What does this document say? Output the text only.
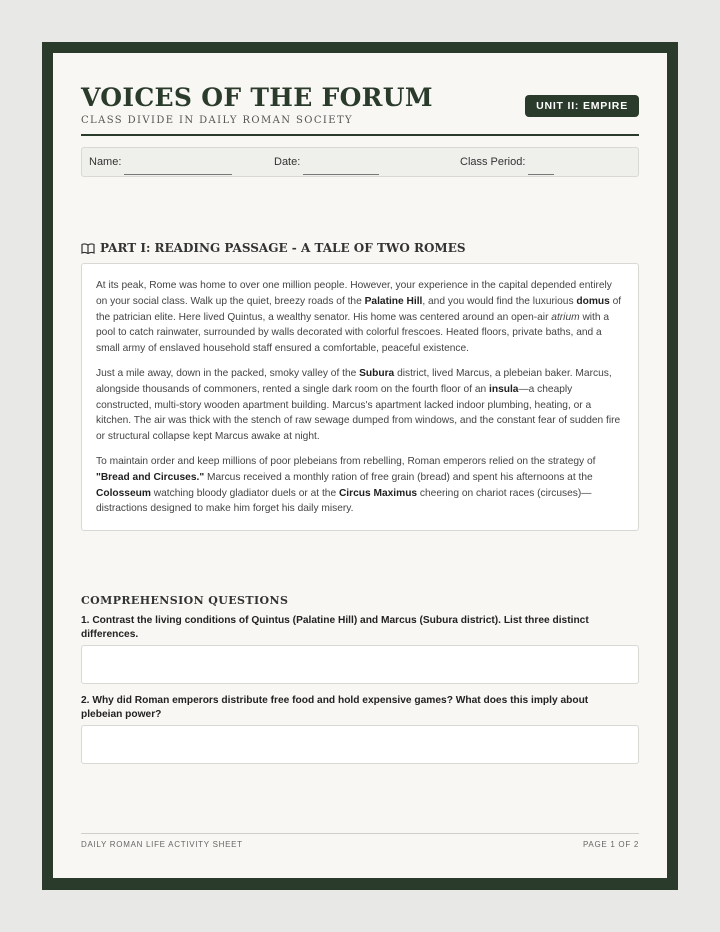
VOICES OF THE FORUM
CLASS DIVIDE IN DAILY ROMAN SOCIETY
UNIT II: EMPIRE
Name:	Date:	Class Period:
PART I: READING PASSAGE - A TALE OF TWO ROMES

At its peak, Rome was home to over one million people. However, your experience in the capital depended entirely on your social class. Walk up the quiet, breezy roads of the Palatine Hill, and you would find the luxurious domus of the patrician elite. Here lived Quintus, a wealthy senator. His home was centered around an open-air atrium with a pool to catch rainwater, surrounded by walls decorated with colorful frescoes. Heated floors, private baths, and a small army of enslaved household staff ensured a comfortable, peaceful existence.

Just a mile away, down in the packed, smoky valley of the Subura district, lived Marcus, a plebeian baker. Marcus, alongside thousands of commoners, rented a single dark room on the fourth floor of an insula—a cheaply constructed, multi-story wooden apartment building. Marcus's apartment lacked indoor plumbing, heating, or a kitchen. The air was thick with the stench of raw sewage dumped from windows, and the constant fear of sudden fire or structural collapse kept Marcus awake at night.

To maintain order and keep millions of poor plebeians from rebelling, Roman emperors relied on the strategy of "Bread and Circuses." Marcus received a monthly ration of free grain (bread) and spent his afternoons at the Colosseum watching bloody gladiator duels or at the Circus Maximus cheering on chariot races (circuses)—distractions designed to make him forget his daily misery.

COMPREHENSION QUESTIONS
1. Contrast the living conditions of Quintus (Palatine Hill) and Marcus (Subura district). List three distinct differences.
2. Why did Roman emperors distribute free food and hold expensive games? What does this imply about plebeian power?
DAILY ROMAN LIFE ACTIVITY SHEET	PAGE 1 OF 2
